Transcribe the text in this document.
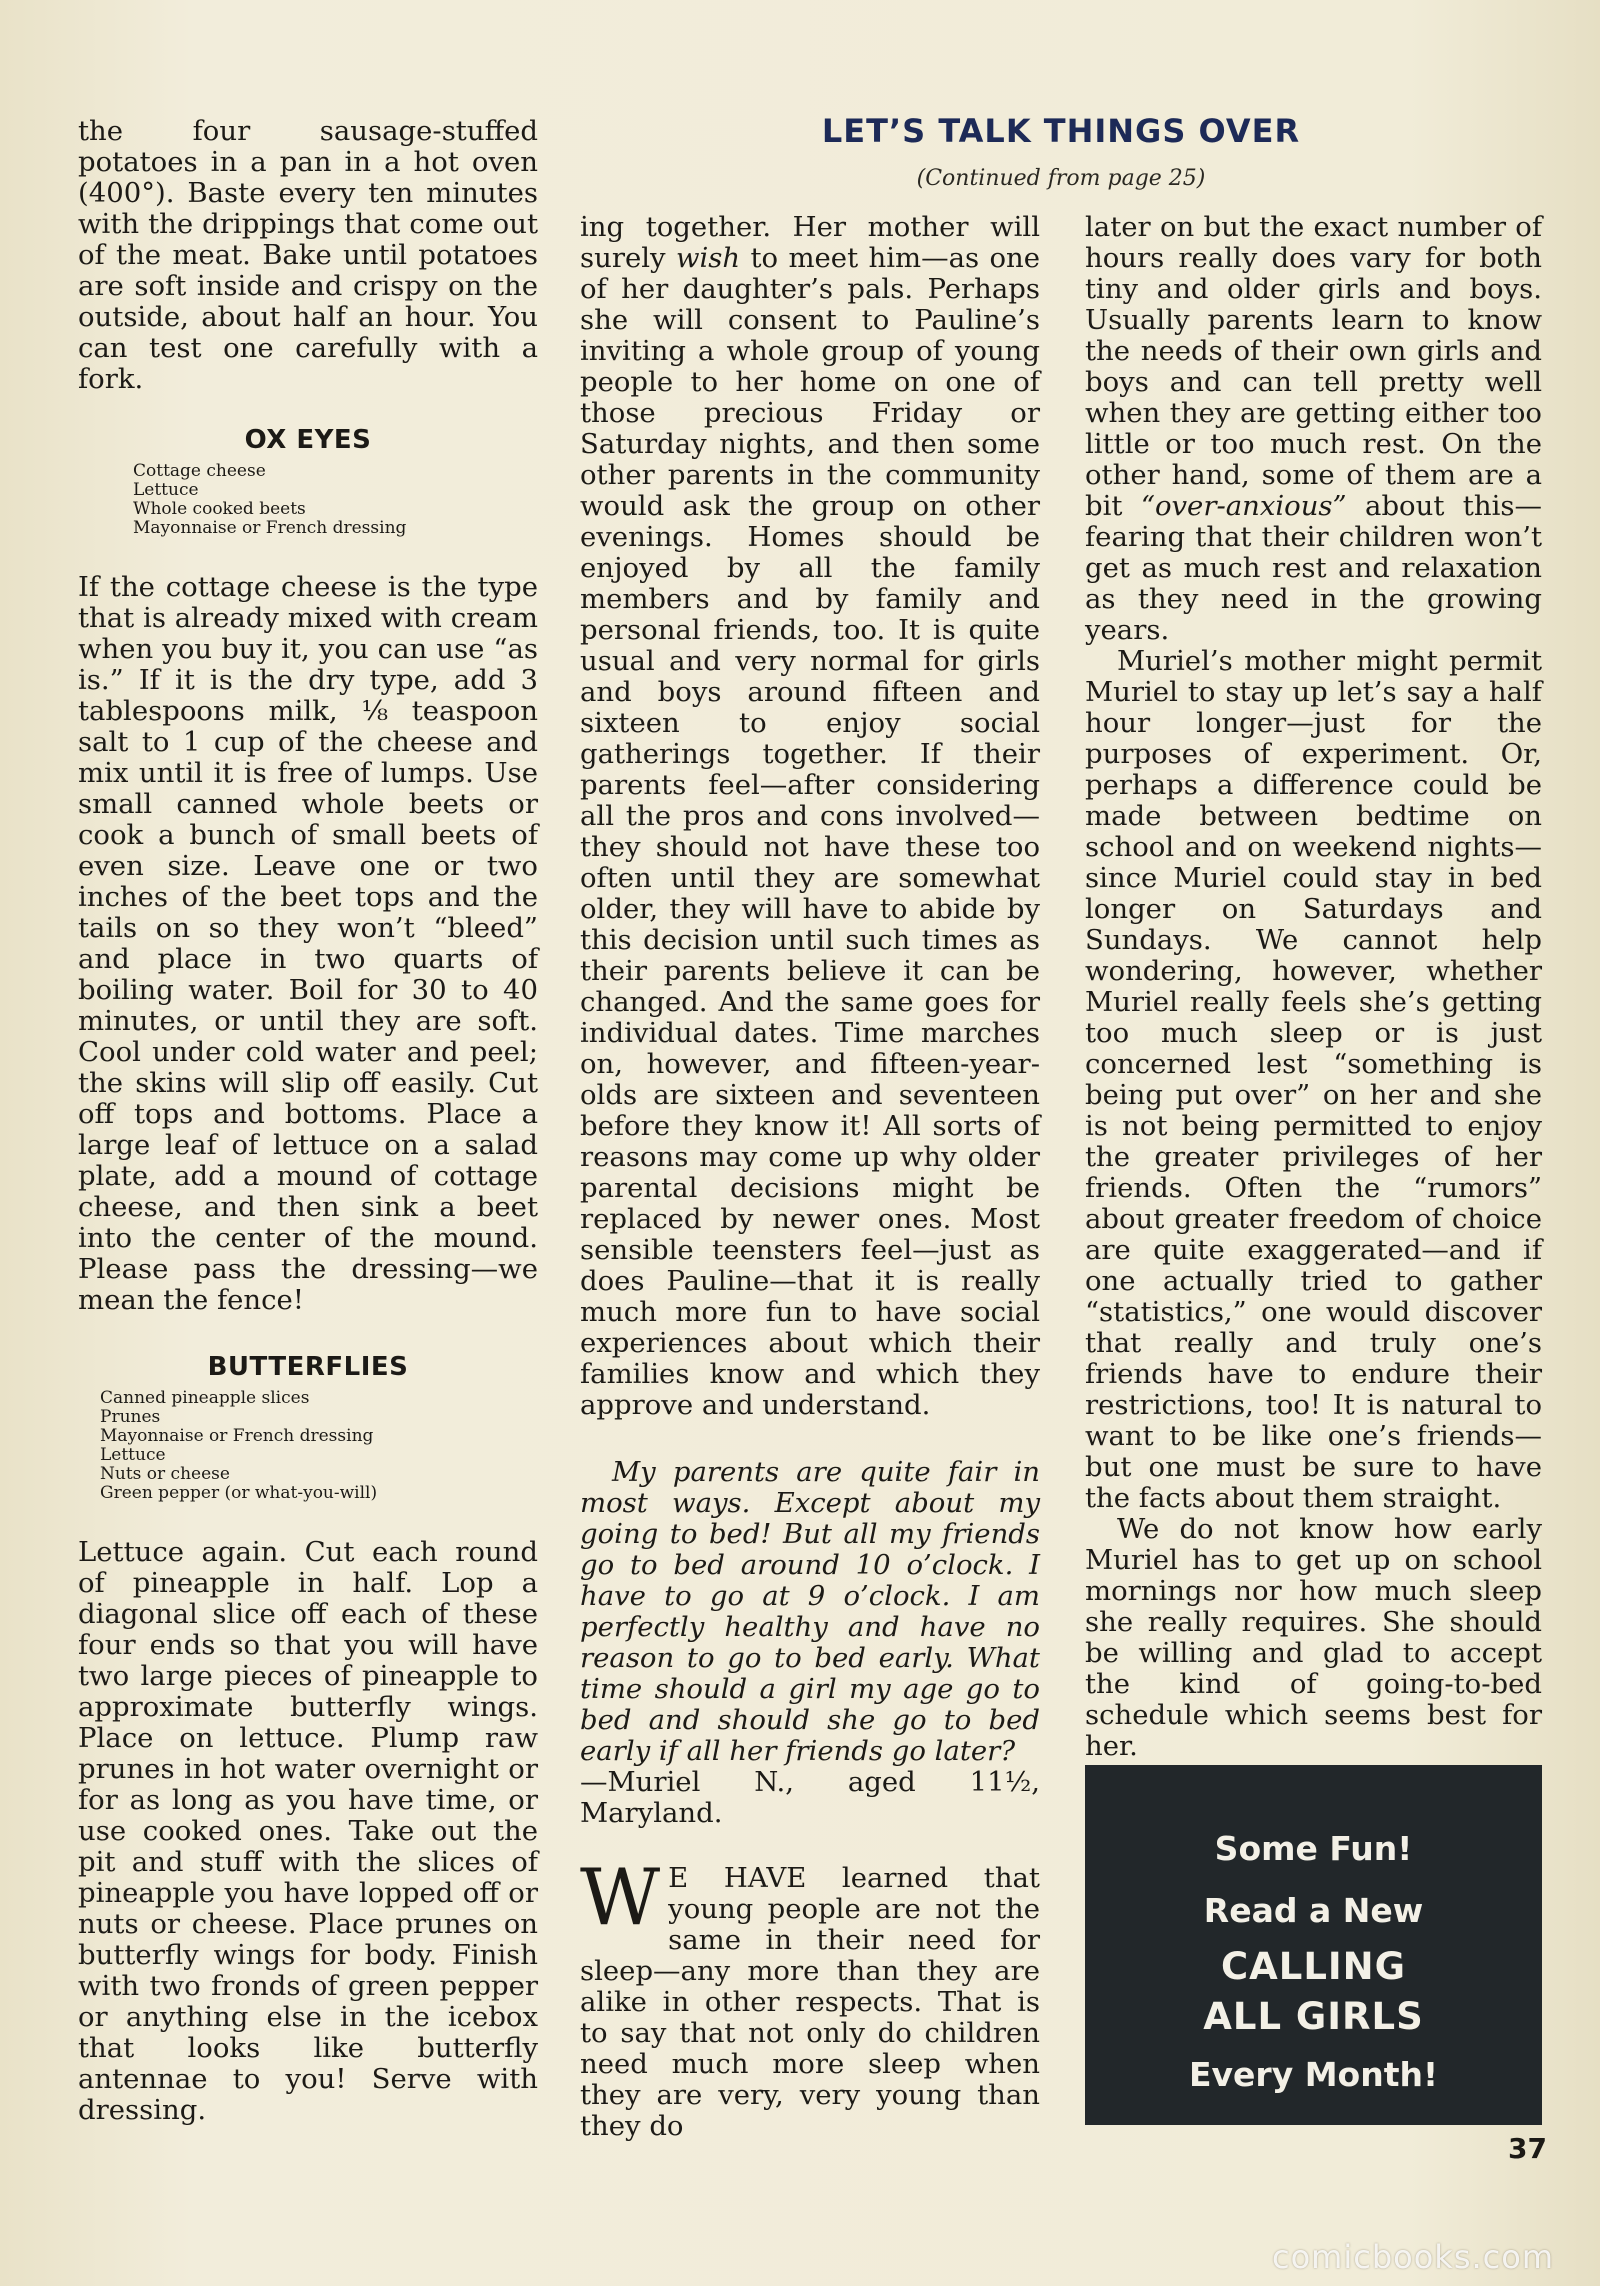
the four sausage-stuffed potatoes in a pan in a hot oven (400°). Baste every ten minutes with the drippings that come out of the meat. Bake until potatoes are soft inside and crispy on the outside, about half an hour. You can test one carefully with a fork.

OX EYES
Cottage cheese
Lettuce
Whole cooked beets
Mayonnaise or French dressing

If the cottage cheese is the type that is already mixed with cream when you buy it, you can use “as is.” If it is the dry type, add 3 tablespoons milk, ⅛ teaspoon salt to 1 cup of the cheese and mix until it is free of lumps. Use small canned whole beets or cook a bunch of small beets of even size. Leave one or two inches of the beet tops and the tails on so they won’t “bleed” and place in two quarts of boiling water. Boil for 30 to 40 minutes, or until they are soft. Cool under cold water and peel; the skins will slip off easily. Cut off tops and bottoms. Place a large leaf of lettuce on a salad plate, add a mound of cottage cheese, and then sink a beet into the center of the mound. Please pass the dressing—we mean the fence!

BUTTERFLIES
Canned pineapple slices
Prunes
Mayonnaise or French dressing
Lettuce
Nuts or cheese
Green pepper (or what-you-will)

Lettuce again. Cut each round of pineapple in half. Lop a diagonal slice off each of these four ends so that you will have two large pieces of pineapple to approximate butterfly wings. Place on lettuce. Plump raw prunes in hot water overnight or for as long as you have time, or use cooked ones. Take out the pit and stuff with the slices of pineapple you have lopped off or nuts or cheese. Place prunes on butterfly wings for body. Finish with two fronds of green pepper or anything else in the icebox that looks like butterfly antennae to you! Serve with dressing.

LET’S TALK THINGS OVER
(Continued from page 25)

ing together. Her mother will surely wish to meet him—as one of her daughter’s pals. Perhaps she will consent to Pauline’s inviting a whole group of young people to her home on one of those precious Friday or Saturday nights, and then some other parents in the community would ask the group on other evenings. Homes should be enjoyed by all the family members and by family and personal friends, too. It is quite usual and very normal for girls and boys around fifteen and sixteen to enjoy social gatherings together. If their parents feel—after considering all the pros and cons involved—they should not have these too often until they are somewhat older, they will have to abide by this decision until such times as their parents believe it can be changed. And the same goes for individual dates. Time marches on, however, and fifteen-year-olds are sixteen and seventeen before they know it! All sorts of reasons may come up why older parental decisions might be replaced by newer ones. Most sensible teensters feel—just as does Pauline—that it is really much more fun to have social experiences about which their families know and which they approve and understand.

My parents are quite fair in most ways. Except about my going to bed! But all my friends go to bed around 10 o’clock. I have to go at 9 o’clock. I am perfectly healthy and have no reason to go to bed early. What time should a girl my age go to bed and should she go to bed early if all her friends go later?
—Muriel N., aged 11½, Maryland.

W E HAVE learned that young people are not the same in their need for sleep—any more than they are alike in other respects. That is to say that not only do children need much more sleep when they are very, very young than they do

later on but the exact number of hours really does vary for both tiny and older girls and boys. Usually parents learn to know the needs of their own girls and boys and can tell pretty well when they are getting either too little or too much rest. On the other hand, some of them are a bit “over-anxious” about this—fearing that their children won’t get as much rest and relaxation as they need in the growing years.

Muriel’s mother might permit Muriel to stay up let’s say a half hour longer—just for the purposes of experiment. Or, perhaps a difference could be made between bedtime on school and on weekend nights—since Muriel could stay in bed longer on Saturdays and Sundays. We cannot help wondering, however, whether Muriel really feels she’s getting too much sleep or is just concerned lest “something is being put over” on her and she is not being permitted to enjoy the greater privileges of her friends. Often the “rumors” about greater freedom of choice are quite exaggerated—and if one actually tried to gather “statistics,” one would discover that really and truly one’s friends have to endure their restrictions, too! It is natural to want to be like one’s friends—but one must be sure to have the facts about them straight.

We do not know how early Muriel has to get up on school mornings nor how much sleep she really requires. She should be willing and glad to accept the kind of going-to-bed schedule which seems best for her.

Some Fun!
Read a New
CALLING
ALL GIRLS
Every Month!
37
comicbooks.com
